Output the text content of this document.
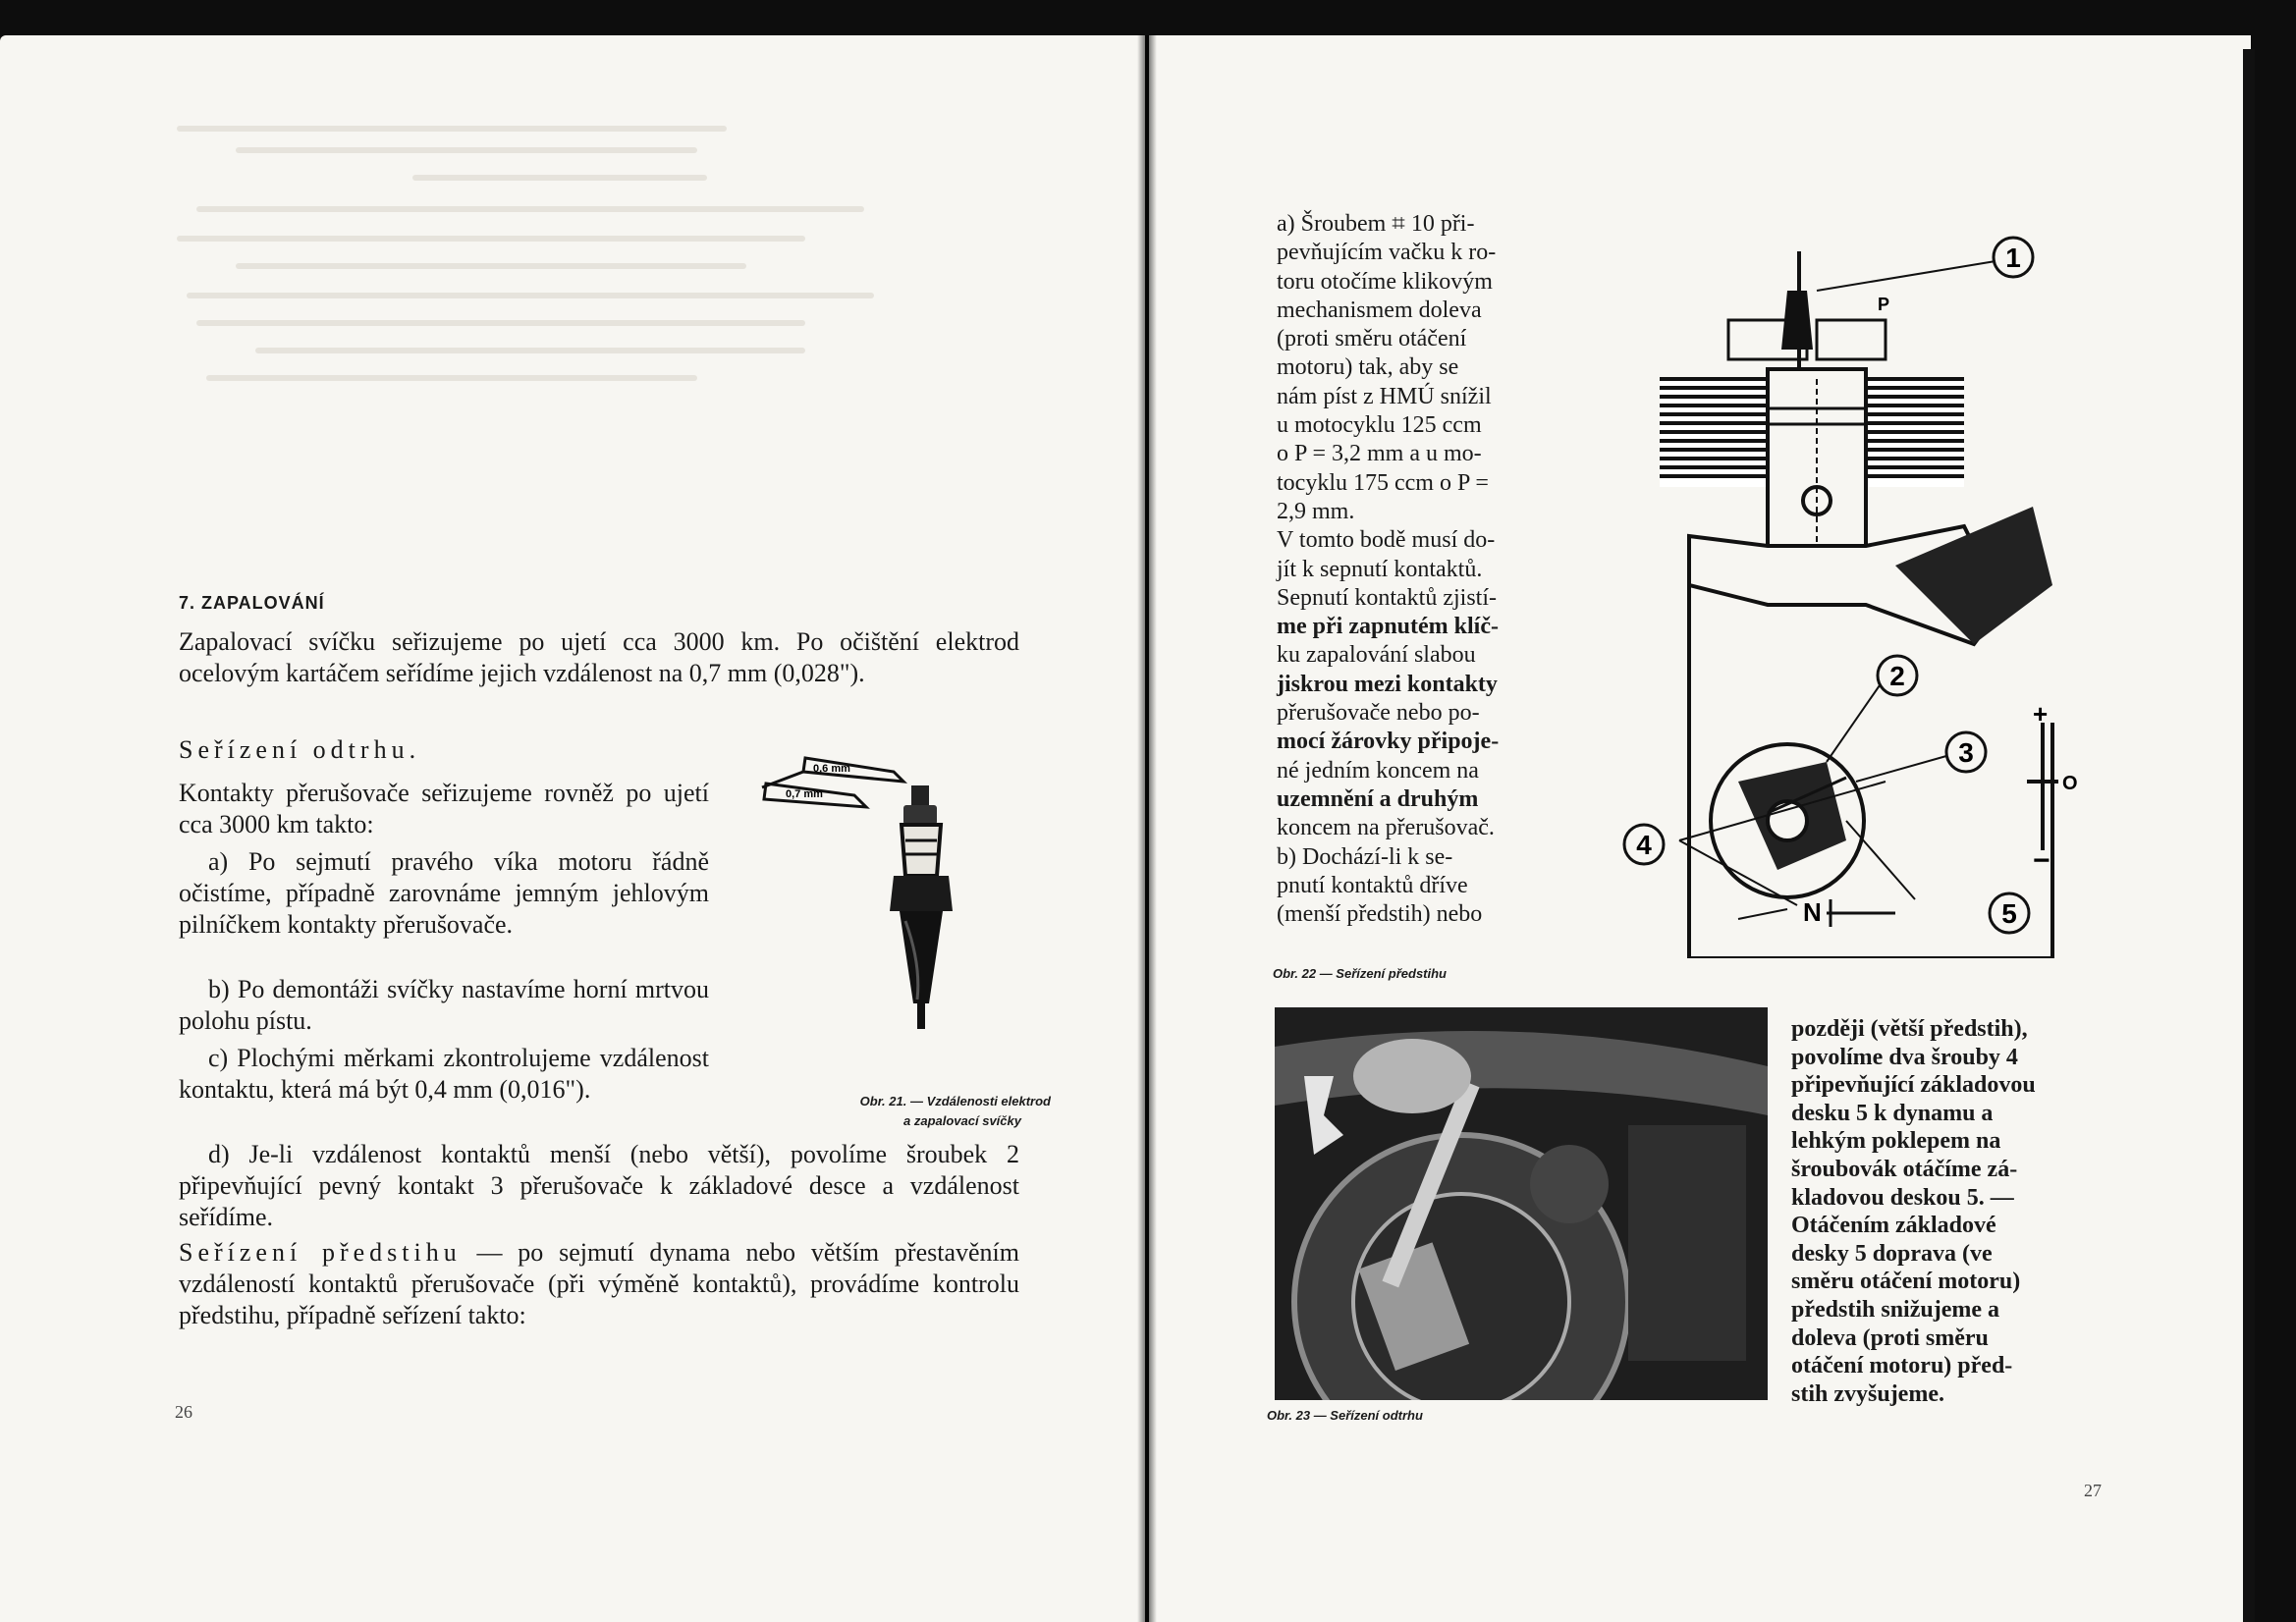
7. ZAPALOVÁNÍ
Zapalovací svíčku seřizujeme po ujetí cca 3000 km. Po očištění elektrod ocelovým kartáčem seřídíme jejich vzdálenost na 0,7 mm (0,028").
Seřízení odtrhu.
Kontakty přerušovače seřizujeme rovněž po ujetí cca 3000 km takto:
a) Po sejmutí pravého víka motoru řádně očistíme, případně zarovnáme jemným jehlovým pilníčkem kontakty přerušovače.
b) Po demontáži svíčky nastavíme horní mrtvou polohu pístu.
c) Plochými měrkami zkontrolujeme vzdálenost kontaktu, která má být 0,4 mm (0,016").
d) Je-li vzdálenost kontaktů menší (nebo větší), povolíme šroubek 2 připevňující pevný kontakt 3 přerušovače k základové desce a vzdálenost seřídíme.
Seřízení předstihu — po sejmutí dynama nebo větším přestavěním vzdáleností kontaktů přerušovače (při výměně kontaktů), provádíme kontrolu předstihu, případně seřízení takto:
0,6 mm
0,7 mm
Obr. 21. — Vzdálenosti elektrod
a zapalovací svíčky
26
a) Šroubem ⌗ 10 při-
pevňujícím vačku k ro-
toru otočíme klikovým
mechanismem doleva
(proti směru otáčení
motoru) tak, aby se
nám píst z HMÚ snížil
u motocyklu 125 ccm
o P = 3,2 mm a u mo-
tocyklu 175 ccm o P =
2,9 mm.
V tomto bodě musí do-
jít k sepnutí kontaktů.
Sepnutí kontaktů zjistí-
me při zapnutém klíč-
ku zapalování slabou
jiskrou mezi kontakty
přerušovače nebo po-
mocí žárovky připoje-
né jedním koncem na
uzemnění a druhým
koncem na přerušovač.
b) Dochází-li k se-
pnutí kontaktů dříve
(menší předstih) nebo
1
P
2
3
4
5
N
+
O
−
Obr. 22 — Seřízení předstihu
Obr. 23 — Seřízení odtrhu
později (větší předstih),
povolíme dva šrouby 4
připevňující základovou
desku 5 k dynamu a
lehkým poklepem na
šroubovák otáčíme zá-
kladovou deskou 5. —
Otáčením základové
desky 5 doprava (ve
směru otáčení motoru)
předstih snižujeme a
doleva (proti směru
otáčení motoru) před-
stih zvyšujeme.
27
